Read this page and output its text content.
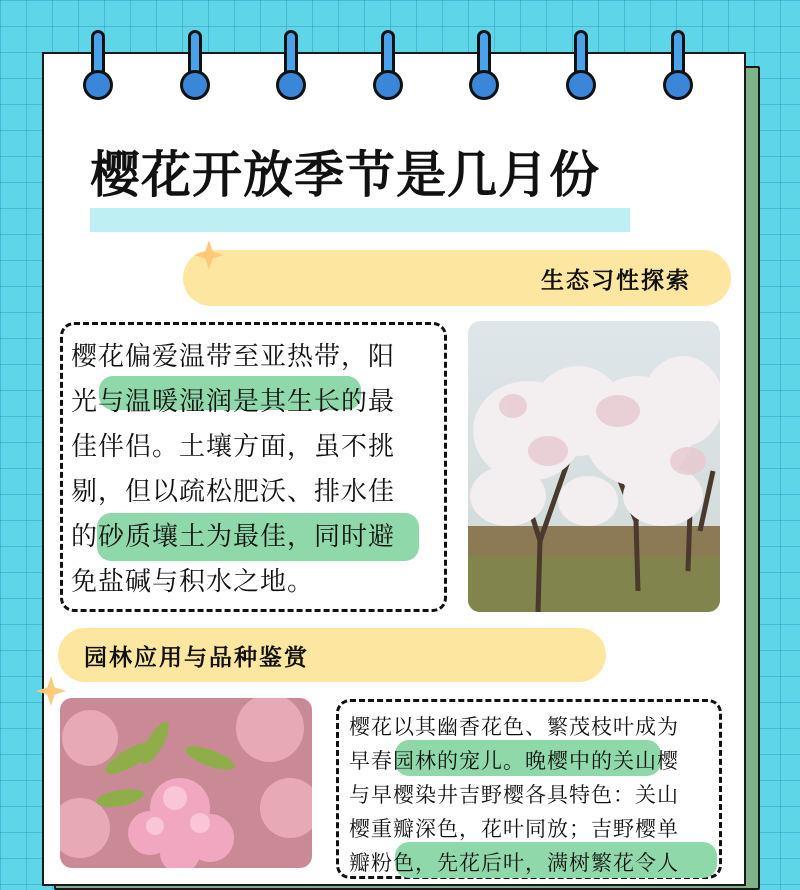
樱花开放季节是几月份
生态习性探索

樱花偏爱温带至亚热带，阳

光与温暖湿润是其生长的最

佳伴侣。土壤方面，虽不挑

剔，但以疏松肥沃、排水佳

的砂质壤土为最佳，同时避

免盐碱与积水之地。

园林应用与品种鉴赏

樱花以其幽香花色、繁茂枝叶成为

早春园林的宠儿。晚樱中的关山樱

与早樱染井吉野樱各具特色：关山

樱重瓣深色，花叶同放；吉野樱单

瓣粉色，先花后叶，满树繁花令人
